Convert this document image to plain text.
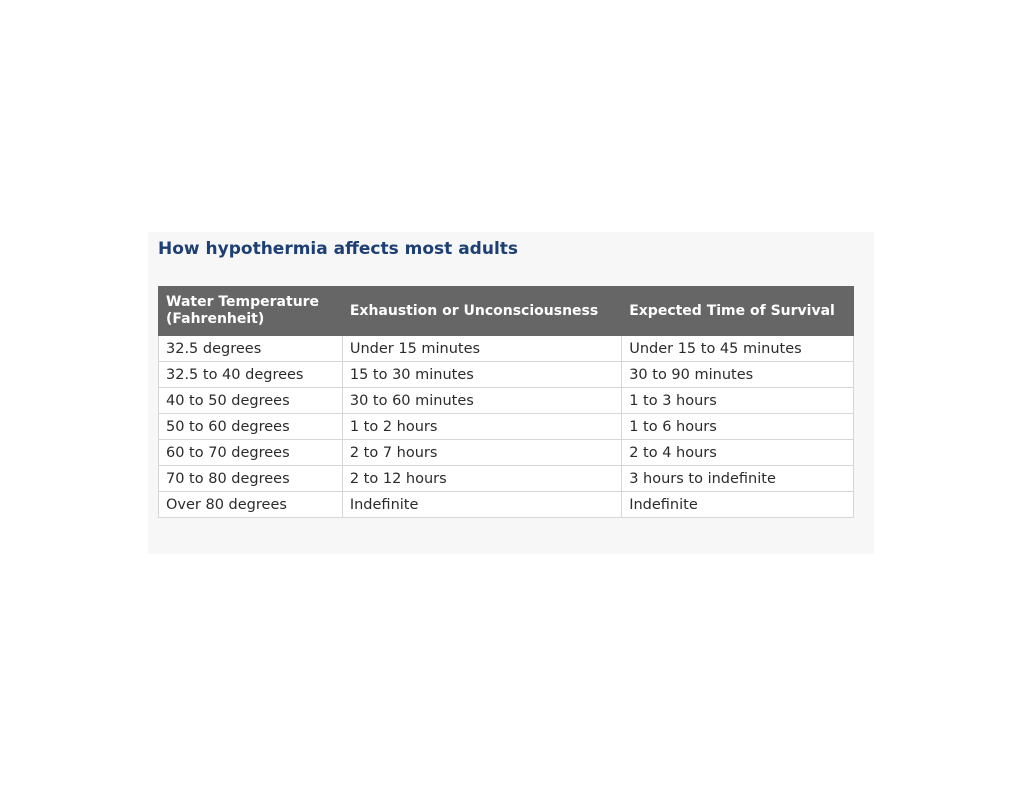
How hypothermia affects most adults
Water Temperature (Fahrenheit)	Exhaustion or Unconsciousness	Expected Time of Survival
32.5 degrees	Under 15 minutes	Under 15 to 45 minutes
32.5 to 40 degrees	15 to 30 minutes	30 to 90 minutes
40 to 50 degrees	30 to 60 minutes	1 to 3 hours
50 to 60 degrees	1 to 2 hours	1 to 6 hours
60 to 70 degrees	2 to 7 hours	2 to 4 hours
70 to 80 degrees	2 to 12 hours	3 hours to indefinite
Over 80 degrees	Indefinite	Indefinite
